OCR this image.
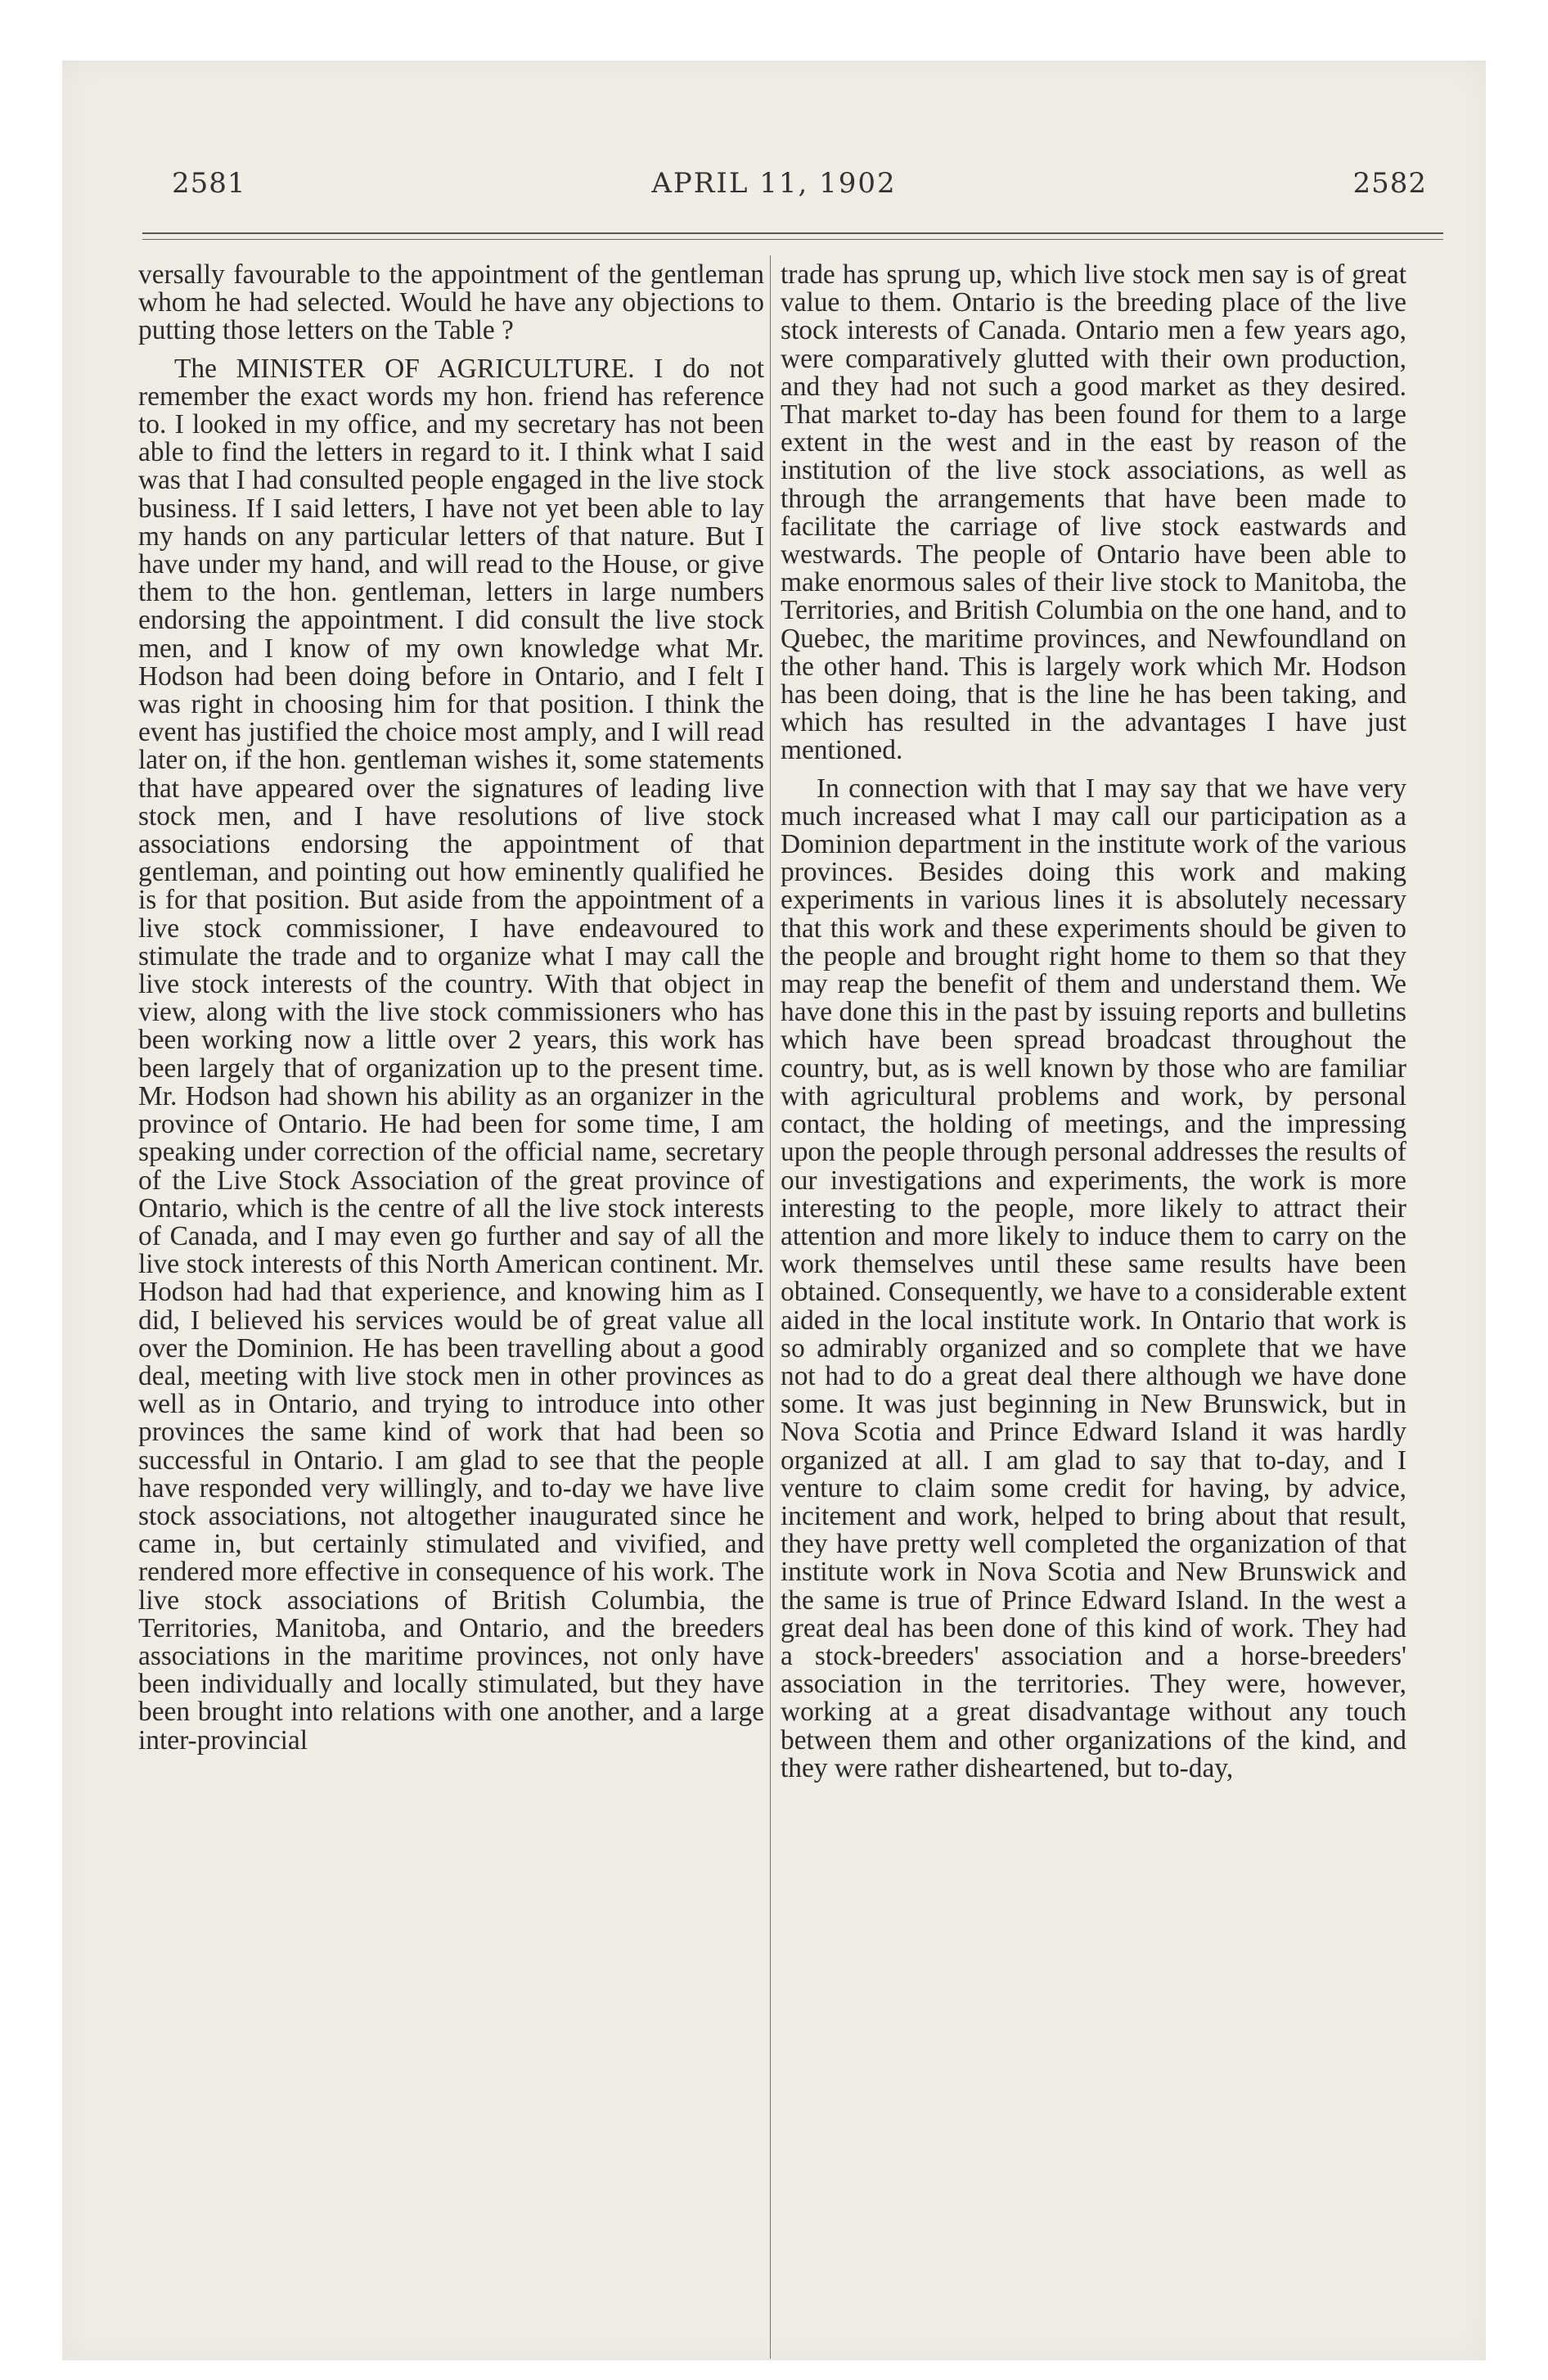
2581	APRIL 11, 1902	2582

versally favourable to the appointment of the gentleman whom he had selected. Would he have any objections to putting those letters on the Table ?

The MINISTER OF AGRICULTURE. I do not remember the exact words my hon. friend has reference to. I looked in my office, and my secretary has not been able to find the letters in regard to it. I think what I said was that I had consulted people engaged in the live stock business. If I said letters, I have not yet been able to lay my hands on any particular letters of that nature. But I have under my hand, and will read to the House, or give them to the hon. gentleman, letters in large numbers endorsing the appointment. I did consult the live stock men, and I know of my own knowledge what Mr. Hodson had been doing before in Ontario, and I felt I was right in choosing him for that position. I think the event has justified the choice most amply, and I will read later on, if the hon. gentleman wishes it, some statements that have appeared over the signatures of leading live stock men, and I have resolutions of live stock associations endorsing the appointment of that gentleman, and pointing out how eminently qualified he is for that position. But aside from the appointment of a live stock commissioner, I have endeavoured to stimulate the trade and to organize what I may call the live stock interests of the country. With that object in view, along with the live stock commissioners who has been working now a little over 2 years, this work has been largely that of organization up to the present time. Mr. Hodson had shown his ability as an organizer in the province of Ontario. He had been for some time, I am speaking under correction of the official name, secretary of the Live Stock Association of the great province of Ontario, which is the centre of all the live stock interests of Canada, and I may even go further and say of all the live stock interests of this North American continent. Mr. Hodson had had that experience, and knowing him as I did, I believed his services would be of great value all over the Dominion. He has been travelling about a good deal, meeting with live stock men in other provinces as well as in Ontario, and trying to introduce into other provinces the same kind of work that had been so successful in Ontario. I am glad to see that the people have responded very willingly, and to-day we have live stock associations, not altogether inaugurated since he came in, but certainly stimulated and vivified, and rendered more effective in consequence of his work. The live stock associations of British Columbia, the Territories, Manitoba, and Ontario, and the breeders associations in the maritime provinces, not only have been individually and locally stimulated, but they have been brought into relations with one another, and a large inter-provincial

trade has sprung up, which live stock men say is of great value to them. Ontario is the breeding place of the live stock interests of Canada. Ontario men a few years ago, were comparatively glutted with their own production, and they had not such a good market as they desired. That market to-day has been found for them to a large extent in the west and in the east by reason of the institution of the live stock associations, as well as through the arrangements that have been made to facilitate the carriage of live stock eastwards and westwards. The people of Ontario have been able to make enormous sales of their live stock to Manitoba, the Territories, and British Columbia on the one hand, and to Quebec, the maritime provinces, and Newfoundland on the other hand. This is largely work which Mr. Hodson has been doing, that is the line he has been taking, and which has resulted in the advantages I have just mentioned.

In connection with that I may say that we have very much increased what I may call our participation as a Dominion department in the institute work of the various provinces. Besides doing this work and making experiments in various lines it is absolutely necessary that this work and these experiments should be given to the people and brought right home to them so that they may reap the benefit of them and understand them. We have done this in the past by issuing reports and bulletins which have been spread broadcast throughout the country, but, as is well known by those who are familiar with agricultural problems and work, by personal contact, the holding of meetings, and the impressing upon the people through personal addresses the results of our investigations and experiments, the work is more interesting to the people, more likely to attract their attention and more likely to induce them to carry on the work themselves until these same results have been obtained. Consequently, we have to a considerable extent aided in the local institute work. In Ontario that work is so admirably organized and so complete that we have not had to do a great deal there although we have done some. It was just beginning in New Brunswick, but in Nova Scotia and Prince Edward Island it was hardly organized at all. I am glad to say that to-day, and I venture to claim some credit for having, by advice, incitement and work, helped to bring about that result, they have pretty well completed the organization of that institute work in Nova Scotia and New Brunswick and the same is true of Prince Edward Island. In the west a great deal has been done of this kind of work. They had a stock-breeders' association and a horse-breeders' association in the territories. They were, however, working at a great disadvantage without any touch between them and other organizations of the kind, and they were rather disheartened, but to-day,
